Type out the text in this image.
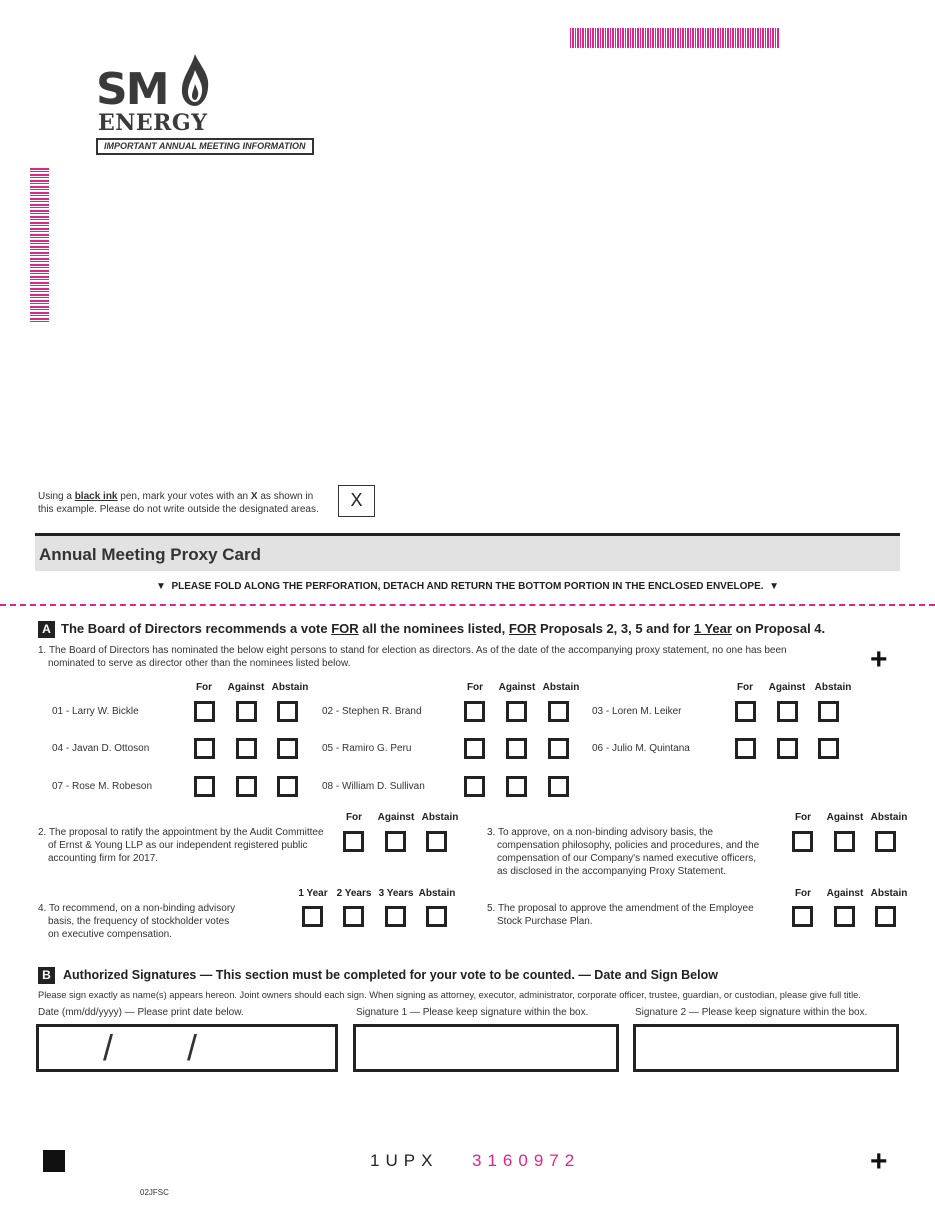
SM
ENERGY
IMPORTANT ANNUAL MEETING INFORMATION
Using a black ink pen, mark your votes with an X as shown in
this example. Please do not write outside the designated areas.	X
Annual Meeting Proxy Card
▼ PLEASE FOLD ALONG THE PERFORATION, DETACH AND RETURN THE BOTTOM PORTION IN THE ENCLOSED ENVELOPE. ▼
A The Board of Directors recommends a vote FOR all the nominees listed, FOR Proposals 2, 3, 5 and for 1 Year on Proposal 4.
1. The Board of Directors has nominated the below eight persons to stand for election as directors. As of the date of the accompanying proxy statement, no one has been
nominated to serve as director other than the nominees listed below.	+
For	Against Abstain	For	Against Abstain	For	Against Abstain
01 - Larry W. Bickle	02 - Stephen R. Brand	03 - Loren M. Leiker
04 - Javan D. Ottoson	05 - Ramiro G. Peru	06 - Julio M. Quintana
07 - Rose M. Robeson	08 - William D. Sullivan
For	Against Abstain
2. The proposal to ratify the appointment by the Audit Committee
of Ernst & Young LLP as our independent registered public
accounting firm for 2017.
For	Against Abstain
3. To approve, on a non-binding advisory basis, the
compensation philosophy, policies and procedures, and the
compensation of our Company's named executive officers,
as disclosed in the accompanying Proxy Statement.
1 Year 2 Years 3 Years Abstain
4. To recommend, on a non-binding advisory
basis, the frequency of stockholder votes
on executive compensation.
For	Against Abstain
5. The proposal to approve the amendment of the Employee
Stock Purchase Plan.
B Authorized Signatures — This section must be completed for your vote to be counted. — Date and Sign Below
Please sign exactly as name(s) appears hereon. Joint owners should each sign. When signing as attorney, executor, administrator, corporate officer, trustee, guardian, or custodian, please give full title.
Date (mm/dd/yyyy) — Please print date below.	Signature 1 — Please keep signature within the box.	Signature 2 — Please keep signature within the box.
/ /
1UPX 3160972	+
02JFSC
